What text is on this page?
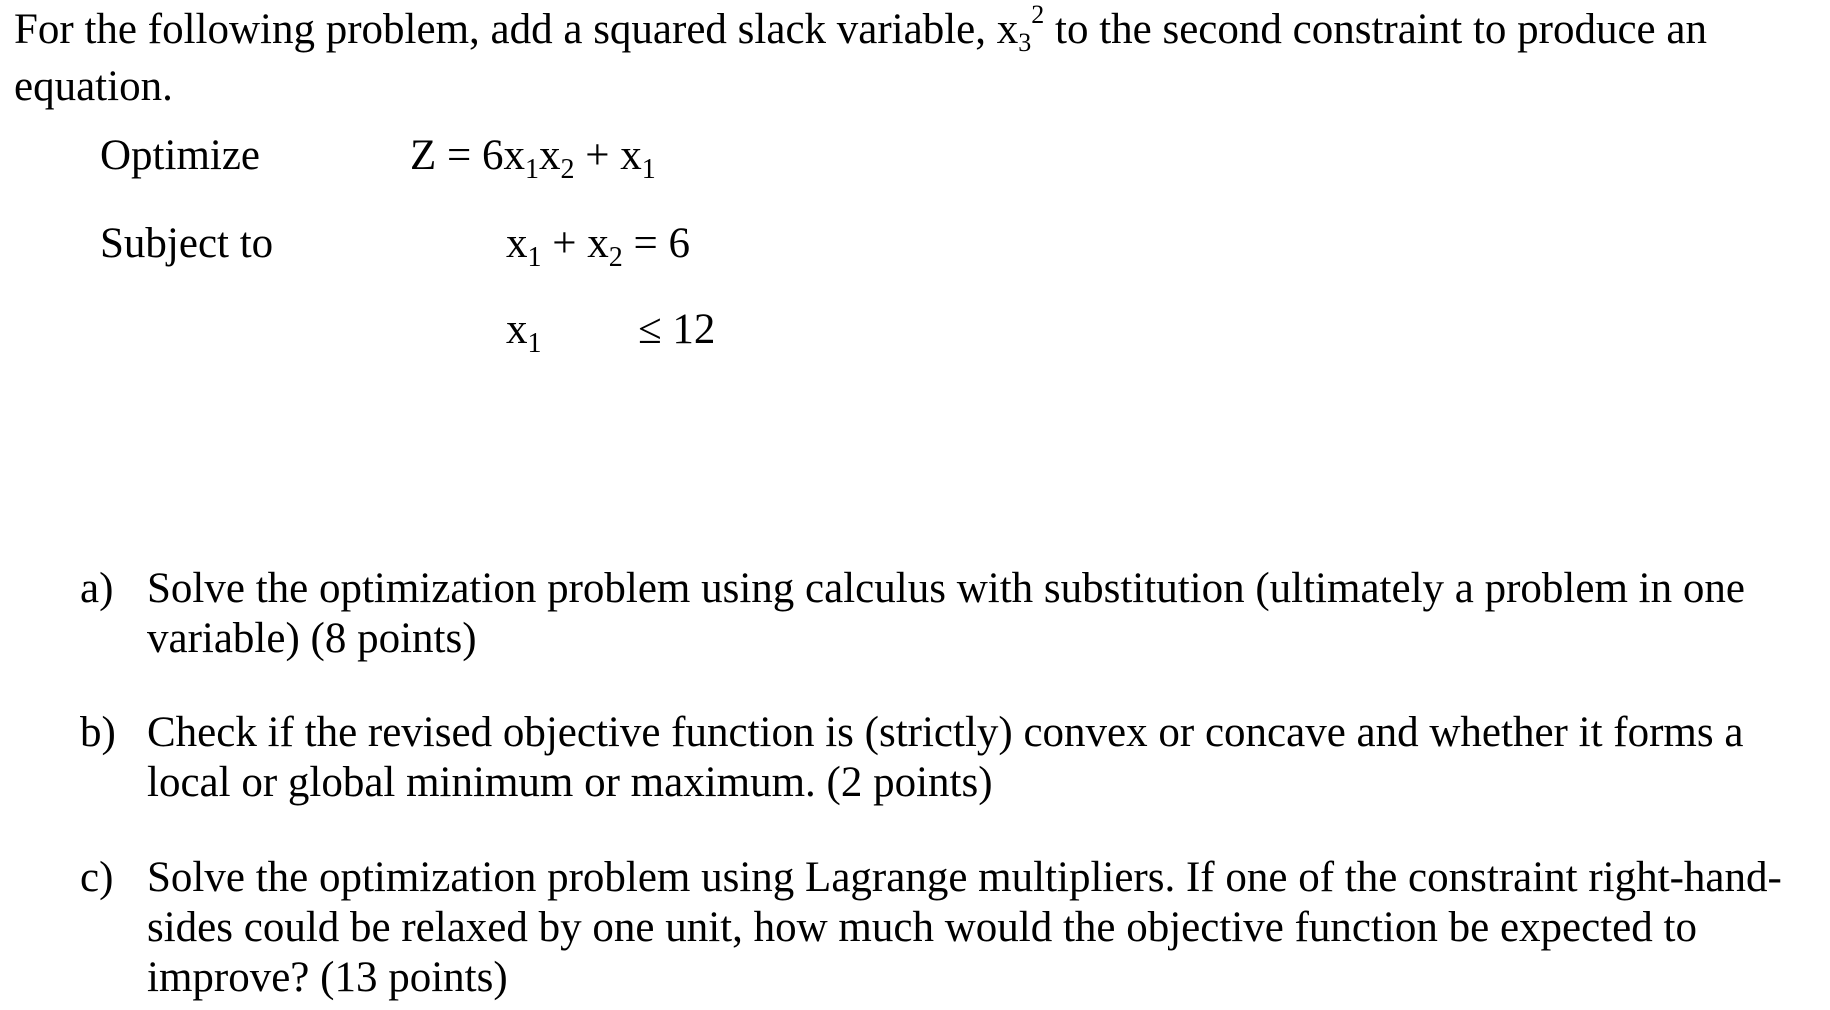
For the following problem, add a squared slack variable, $x3^2$ to the second constraint to produce an equation.
Optimize	$Z = 6x_1x_2 + x_1$
Subject to	$x_1 + x_2 = 6$
$x_1 \le 12$
a) Solve the optimization problem using calculus with substitution (ultimately a problem in one variable) (8 points)
b) Check if the revised objective function is (strictly) convex or concave and whether it forms a local or global minimum or maximum. (2 points)
c) Solve the optimization problem using Lagrange multipliers. If one of the constraint right-hand-sides could be relaxed by one unit, how much would the objective function be expected to improve? (13 points)
